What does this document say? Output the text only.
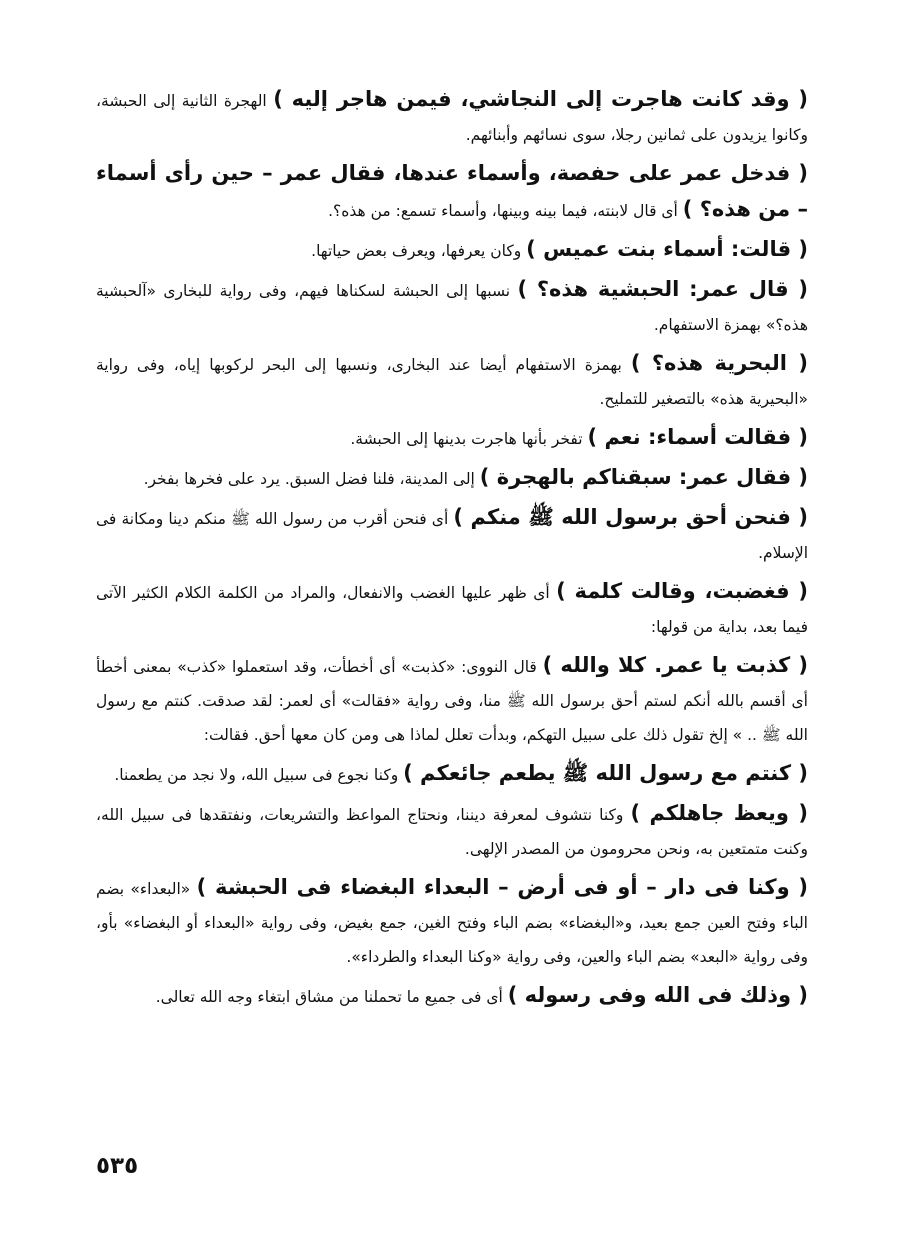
( وقد كانت هاجرت إلى النجاشي، فيمن هاجر إليه ) الهجرة الثانية إلى الحبشة، وكانوا يزيدون على ثمانين رجلا، سوى نسائهم وأبنائهم.

( فدخل عمر على حفصة، وأسماء عندها، فقال عمر – حين رأى أسماء – من هذه؟ ) أى قال لابنته، فيما بينه وبينها، وأسماء تسمع: من هذه؟.

( قالت: أسماء بنت عميس ) وكان يعرفها، ويعرف بعض حياتها.

( قال عمر: الحبشية هذه؟ ) نسبها إلى الحبشة لسكناها فيهم، وفى رواية للبخارى «آلحبشية هذه؟» بهمزة الاستفهام.

( البحرية هذه؟ ) بهمزة الاستفهام أيضا عند البخارى، ونسبها إلى البحر لركوبها إياه، وفى رواية «البحيرية هذه» بالتصغير للتمليح.

( فقالت أسماء: نعم ) تفخر بأنها هاجرت بدينها إلى الحبشة.

( فقال عمر: سبقناكم بالهجرة ) إلى المدينة، فلنا فضل السبق. يرد على فخرها بفخر.

( فنحن أحق برسول الله ﷺ منكم ) أى فنحن أقرب من رسول الله ﷺ منكم دينا ومكانة فى الإسلام.

( فغضبت، وقالت كلمة ) أى ظهر عليها الغضب والانفعال، والمراد من الكلمة الكلام الكثير الآتى فيما بعد، بداية من قولها:

( كذبت يا عمر. كلا والله ) قال النووى: «كذبت» أى أخطأت، وقد استعملوا «كذب» بمعنى أخطأ أى أقسم بالله أنكم لستم أحق برسول الله ﷺ منا، وفى رواية «فقالت» أى لعمر: لقد صدقت. كنتم مع رسول الله ﷺ .. » إلخ تقول ذلك على سبيل التهكم، وبدأت تعلل لماذا هى ومن كان معها أحق. فقالت:

( كنتم مع رسول الله ﷺ يطعم جائعكم ) وكنا نجوع فى سبيل الله، ولا نجد من يطعمنا.

( ويعظ جاهلكم ) وكنا نتشوف لمعرفة ديننا، ونحتاج المواعظ والتشريعات، ونفتقدها فى سبيل الله، وكنت متمتعين به، ونحن محرومون من المصدر الإلهى.

( وكنا فى دار – أو فى أرض – البعداء البغضاء فى الحبشة ) «البعداء» بضم الباء وفتح العين جمع بعيد، و«البغضاء» بضم الباء وفتح الغين، جمع بغيض، وفى رواية «البعداء أو البغضاء» بأو، وفى رواية «البعد» بضم الباء والعين، وفى رواية «وكنا البعداء والطرداء».

( وذلك فى الله وفى رسوله ) أى فى جميع ما تحملنا من مشاق ابتغاء وجه الله تعالى.

٥٣٥
